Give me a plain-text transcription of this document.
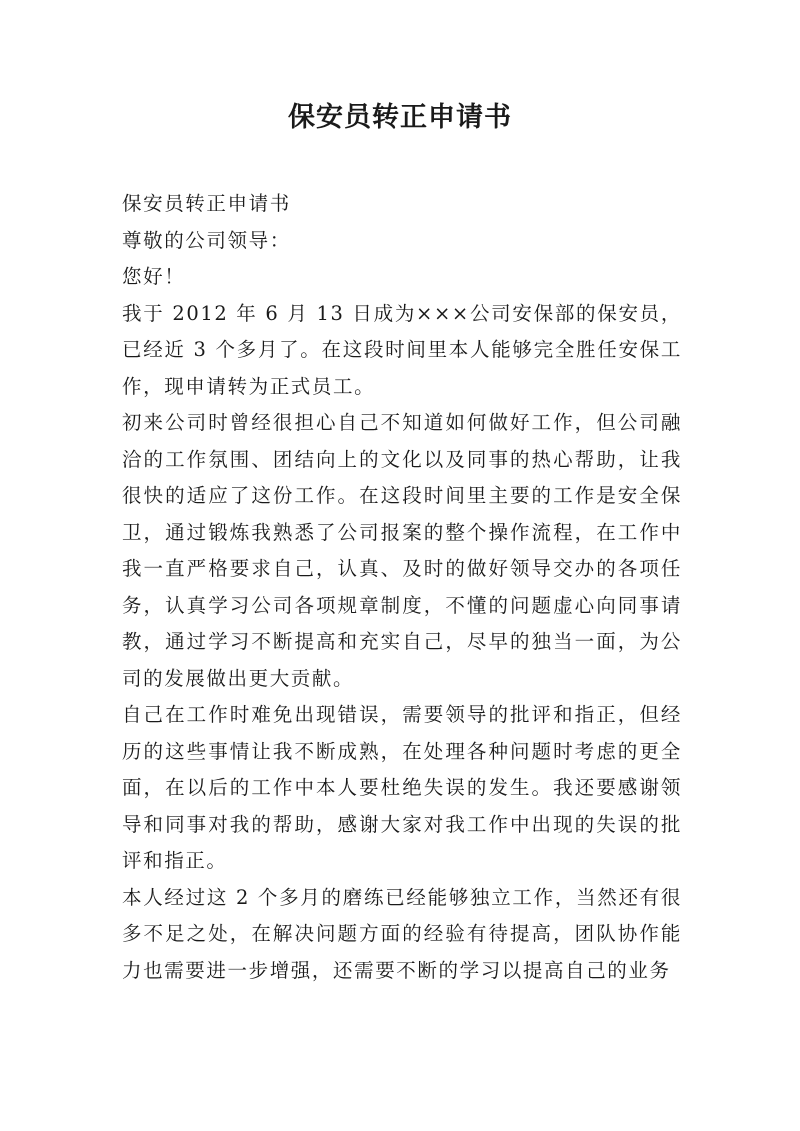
保安员转正申请书

保安员转正申请书

尊敬的公司领导：

您好！

我于 2012 年 6 月 13 日成为×××公司安保部的保安员，已经近 3 个多月了。在这段时间里本人能够完全胜任安保工作，现申请转为正式员工。

初来公司时曾经很担心自己不知道如何做好工作，但公司融洽的工作氛围、团结向上的文化以及同事的热心帮助，让我很快的适应了这份工作。在这段时间里主要的工作是安全保卫，通过锻炼我熟悉了公司报案的整个操作流程，在工作中我一直严格要求自己，认真、及时的做好领导交办的各项任务，认真学习公司各项规章制度，不懂的问题虚心向同事请教，通过学习不断提高和充实自己，尽早的独当一面，为公司的发展做出更大贡献。

自己在工作时难免出现错误，需要领导的批评和指正，但经历的这些事情让我不断成熟，在处理各种问题时考虑的更全面，在以后的工作中本人要杜绝失误的发生。我还要感谢领导和同事对我的帮助，感谢大家对我工作中出现的失误的批评和指正。

本人经过这 2 个多月的磨练已经能够独立工作，当然还有很多不足之处，在解决问题方面的经验有待提高，团队协作能力也需要进一步增强，还需要不断的学习以提高自己的业务
